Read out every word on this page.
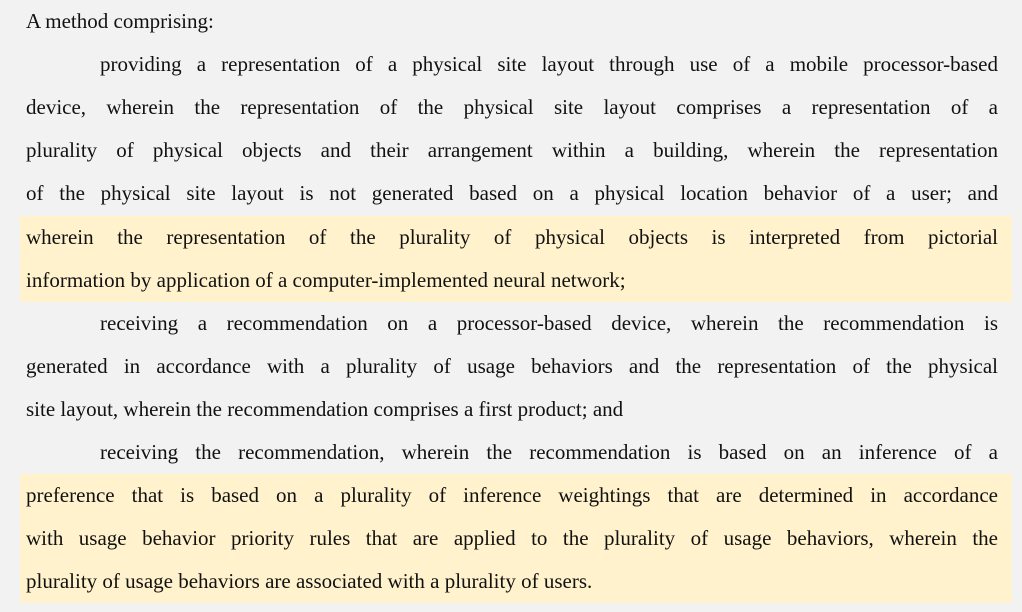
A method comprising:
providing a representation of a physical site layout through use of a mobile processor-based
device, wherein the representation of the physical site layout comprises a representation of a
plurality of physical objects and their arrangement within a building, wherein the representation
of the physical site layout is not generated based on a physical location behavior of a user; and
wherein the representation of the plurality of physical objects is interpreted from pictorial
information by application of a computer-implemented neural network;
receiving a recommendation on a processor-based device, wherein the recommendation is
generated in accordance with a plurality of usage behaviors and the representation of the physical
site layout, wherein the recommendation comprises a first product; and
receiving the recommendation, wherein the recommendation is based on an inference of a
preference that is based on a plurality of inference weightings that are determined in accordance
with usage behavior priority rules that are applied to the plurality of usage behaviors, wherein the
plurality of usage behaviors are associated with a plurality of users.
